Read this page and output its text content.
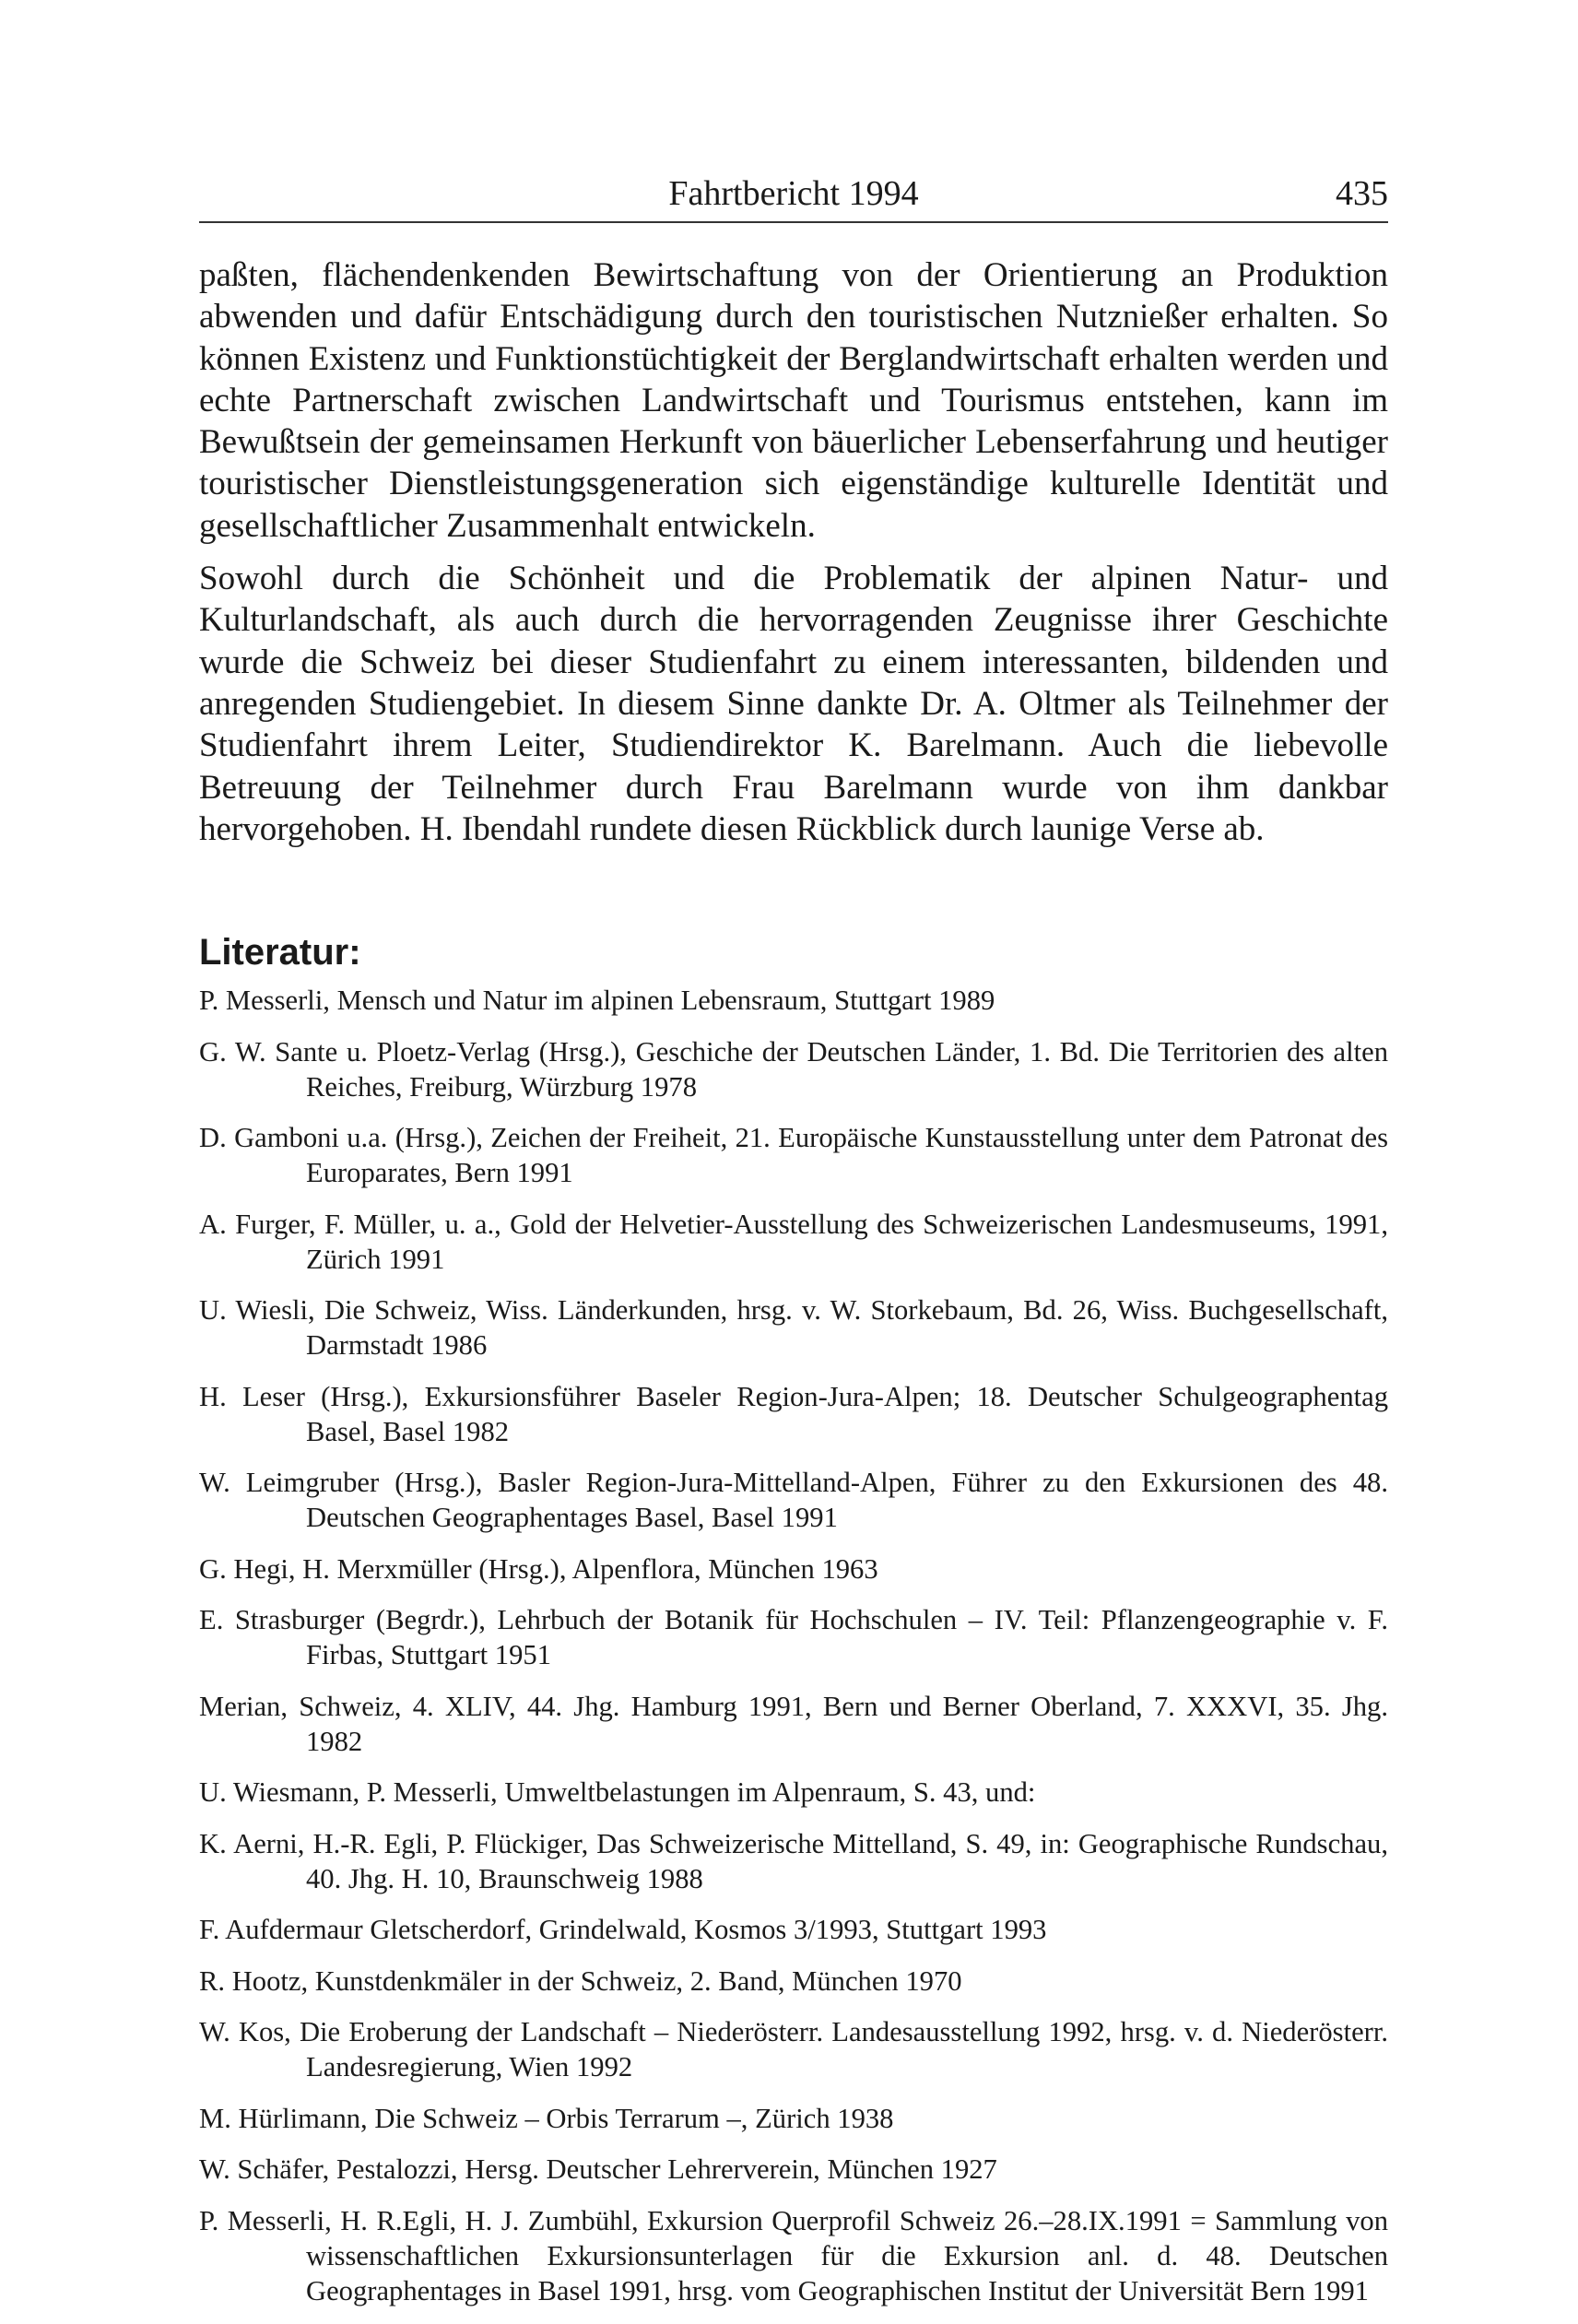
Fahrtbericht 1994	435

paßten, flächendenkenden Bewirtschaftung von der Orientierung an Produktion abwenden und dafür Entschädigung durch den touristischen Nutznießer erhalten. So können Existenz und Funktionstüchtigkeit der Berglandwirtschaft erhalten werden und echte Partnerschaft zwischen Landwirtschaft und Tourismus entstehen, kann im Bewußtsein der gemeinsamen Herkunft von bäuerlicher Lebenserfahrung und heutiger touristischer Dienstleistungsgeneration sich eigenständige kulturelle Identität und gesellschaftlicher Zusammenhalt entwickeln.

Sowohl durch die Schönheit und die Problematik der alpinen Natur- und Kulturlandschaft, als auch durch die hervorragenden Zeugnisse ihrer Geschichte wurde die Schweiz bei dieser Studienfahrt zu einem interessanten, bildenden und anregenden Studiengebiet. In diesem Sinne dankte Dr. A. Oltmer als Teilnehmer der Studienfahrt ihrem Leiter, Studiendirektor K. Barelmann. Auch die liebevolle Betreuung der Teilnehmer durch Frau Barelmann wurde von ihm dankbar hervorgehoben. H. Ibendahl rundete diesen Rückblick durch launige Verse ab.

Literatur:
P. Messerli, Mensch und Natur im alpinen Lebensraum, Stuttgart 1989
G. W. Sante u. Ploetz-Verlag (Hrsg.), Geschiche der Deutschen Länder, 1. Bd. Die Territorien des alten Reiches, Freiburg, Würzburg 1978
D. Gamboni u.a. (Hrsg.), Zeichen der Freiheit, 21. Europäische Kunstausstellung unter dem Patronat des Europarates, Bern 1991
A. Furger, F. Müller, u. a., Gold der Helvetier-Ausstellung des Schweizerischen Landesmuseums, 1991, Zürich 1991
U. Wiesli, Die Schweiz, Wiss. Länderkunden, hrsg. v. W. Storkebaum, Bd. 26, Wiss. Buchgesellschaft, Darmstadt 1986
H. Leser (Hrsg.), Exkursionsführer Baseler Region-Jura-Alpen; 18. Deutscher Schulgeographentag Basel, Basel 1982
W. Leimgruber (Hrsg.), Basler Region-Jura-Mittelland-Alpen, Führer zu den Exkursionen des 48. Deutschen Geographentages Basel, Basel 1991
G. Hegi, H. Merxmüller (Hrsg.), Alpenflora, München 1963
E. Strasburger (Begrdr.), Lehrbuch der Botanik für Hochschulen – IV. Teil: Pflanzengeographie v. F. Firbas, Stuttgart 1951
Merian, Schweiz, 4. XLIV, 44. Jhg. Hamburg 1991, Bern und Berner Oberland, 7. XXXVI, 35. Jhg. 1982
U. Wiesmann, P. Messerli, Umweltbelastungen im Alpenraum, S. 43, und:
K. Aerni, H.-R. Egli, P. Flückiger, Das Schweizerische Mittelland, S. 49, in: Geographische Rundschau, 40. Jhg. H. 10, Braunschweig 1988
F. Aufdermaur Gletscherdorf, Grindelwald, Kosmos 3/1993, Stuttgart 1993
R. Hootz, Kunstdenkmäler in der Schweiz, 2. Band, München 1970
W. Kos, Die Eroberung der Landschaft – Niederösterr. Landesausstellung 1992, hrsg. v. d. Niederösterr. Landesregierung, Wien 1992
M. Hürlimann, Die Schweiz – Orbis Terrarum –, Zürich 1938
W. Schäfer, Pestalozzi, Hersg. Deutscher Lehrerverein, München 1927
P. Messerli, H. R.Egli, H. J. Zumbühl, Exkursion Querprofil Schweiz 26.–28.IX.1991 = Sammlung von wissenschaftlichen Exkursionsunterlagen für die Exkursion anl. d. 48. Deutschen Geographentages in Basel 1991, hrsg. vom Geographischen Institut der Universität Bern 1991
